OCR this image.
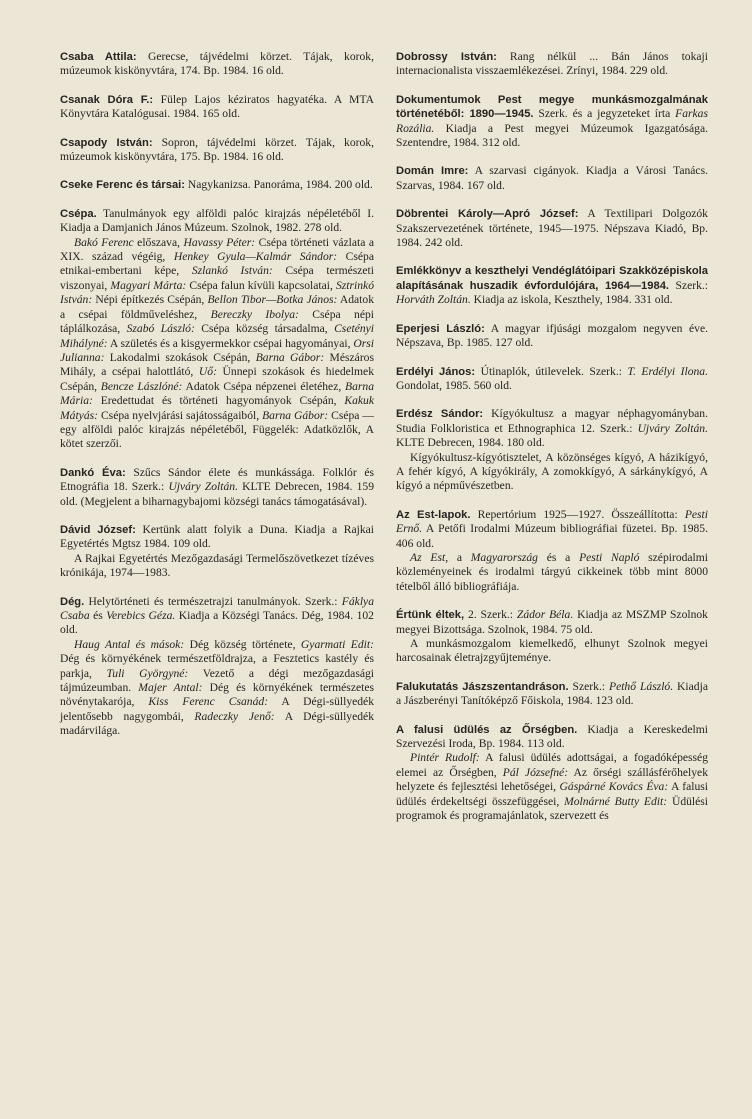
Csaba Attila: Gerecse, tájvédelmi körzet. Tájak, korok, múzeumok kiskönyvtára, 174. Bp. 1984. 16 old.

Csanak Dóra F.: Fülep Lajos kéziratos hagyatéka. A MTA Könyvtára Katalógusai. 1984. 165 old.

Csapody István: Sopron, tájvédelmi körzet. Tájak, korok, múzeumok kiskönyvtára, 175. Bp. 1984. 16 old.

Cseke Ferenc és társai: Nagykanizsa. Panoráma, 1984. 200 old.

Csépa. Tanulmányok egy alföldi palóc kirajzás népéletéből I. Kiadja a Damjanich János Múzeum. Szolnok, 1982. 278 old.

Bakó Ferenc előszava, Havassy Péter: Csépa történeti vázlata a XIX. század végéig, Henkey Gyula—Kalmár Sándor: Csépa etnikai-embertani képe, Szlankó István: Csépa természeti viszonyai, Magyari Márta: Csépa falun kívüli kapcsolatai, Sztrinkó István: Népi építkezés Csépán, Bellon Tibor—Botka János: Adatok a csépai földműveléshez, Bereczky Ibolya: Csépa népi táplálkozása, Szabó László: Csépa község társadalma, Csetényi Mihályné: A születés és a kisgyermekkor csépai hagyományai, Orsi Julianna: Lakodalmi szokások Csépán, Barna Gábor: Mészáros Mihály, a csépai halottlátó, Uő: Ünnepi szokások és hiedelmek Csépán, Bencze Lászlóné: Adatok Csépa népzenei életéhez, Barna Mária: Eredettudat és történeti hagyományok Csépán, Kakuk Mátyás: Csépa nyelvjárási sajátosságaiból, Barna Gábor: Csépa — egy alföldi palóc kirajzás népéletéből, Függelék: Adatközlők, A kötet szerzői.

Dankó Éva: Szűcs Sándor élete és munkássága. Folklór és Etnográfia 18. Szerk.: Ujváry Zoltán. KLTE Debrecen, 1984. 159 old. (Megjelent a biharnagybajomi községi tanács támogatásával).

Dávid József: Kertünk alatt folyik a Duna. Kiadja a Rajkai Egyetértés Mgtsz 1984. 109 old.

A Rajkai Egyetértés Mezőgazdasági Termelőszövetkezet tízéves krónikája, 1974—1983.

Dég. Helytörténeti és természetrajzi tanulmányok. Szerk.: Fáklya Csaba és Verebics Géza. Kiadja a Községi Tanács. Dég, 1984. 102 old.

Haug Antal és mások: Dég község története, Gyarmati Edit: Dég és környékének természetföldrajza, a Fesztetics kastély és parkja, Tuli Györgyné: Vezető a dégi mezőgazdasági tájmúzeumban. Majer Antal: Dég és környékének természetes növénytakarója, Kiss Ferenc Csanád: A Dégi-süllyedék jelentősebb nagygombái, Radeczky Jenő: A Dégi-süllyedék madárvilága.

Dobrossy István: Rang nélkül ... Bán János tokaji internacionalista visszaemlékezései. Zrínyi, 1984. 229 old.

Dokumentumok Pest megye munkásmozgalmának történetéből: 1890—1945. Szerk. és a jegyzeteket írta Farkas Rozália. Kiadja a Pest megyei Múzeumok Igazgatósága. Szentendre, 1984. 312 old.

Domán Imre: A szarvasi cigányok. Kiadja a Városi Tanács. Szarvas, 1984. 167 old.

Döbrentei Károly—Apró József: A Textilipari Dolgozók Szakszervezetének története, 1945—1975. Népszava Kiadó, Bp. 1984. 242 old.

Emlékkönyv a keszthelyi Vendéglátóipari Szakközépiskola alapításának huszadik évfordulójára, 1964—1984. Szerk.: Horváth Zoltán. Kiadja az iskola, Keszthely, 1984. 331 old.

Eperjesi László: A magyar ifjúsági mozgalom negyven éve. Népszava, Bp. 1985. 127 old.

Erdélyi János: Útinaplók, útilevelek. Szerk.: T. Erdélyi Ilona. Gondolat, 1985. 560 old.

Erdész Sándor: Kígyókultusz a magyar néphagyományban. Studia Folkloristica et Ethnographica 12. Szerk.: Ujváry Zoltán. KLTE Debrecen, 1984. 180 old.

Kígyókultusz-kígyótisztelet, A közönséges kígyó, A házikígyó, A fehér kígyó, A kígyókirály, A zomokkígyó, A sárkánykígyó, A kígyó a népművészetben.

Az Est-lapok. Repertórium 1925—1927. Összeállította: Pesti Ernő. A Petőfi Irodalmi Múzeum bibliográfiai füzetei. Bp. 1985. 406 old.

Az Est, a Magyarország és a Pesti Napló szépirodalmi közleményeinek és irodalmi tárgyú cikkeinek több mint 8000 tételből álló bibliográfiája.

Értünk éltek, 2. Szerk.: Zádor Béla. Kiadja az MSZMP Szolnok megyei Bizottsága. Szolnok, 1984. 75 old.

A munkásmozgalom kiemelkedő, elhunyt Szolnok megyei harcosainak életrajzgyűjteménye.

Falukutatás Jászszentandráson. Szerk.: Pethő László. Kiadja a Jászberényi Tanítóképző Főiskola, 1984. 123 old.

A falusi üdülés az Őrségben. Kiadja a Kereskedelmi Szervezési Iroda, Bp. 1984. 113 old.

Pintér Rudolf: A falusi üdülés adottságai, a fogadóképesség elemei az Őrségben, Pál Józsefné: Az őrségi szállásférőhelyek helyzete és fejlesztési lehetőségei, Gáspárné Kovács Éva: A falusi üdülés érdekeltségi összefüggései, Molnárné Butty Edit: Üdülési programok és programajánlatok, szervezett és
